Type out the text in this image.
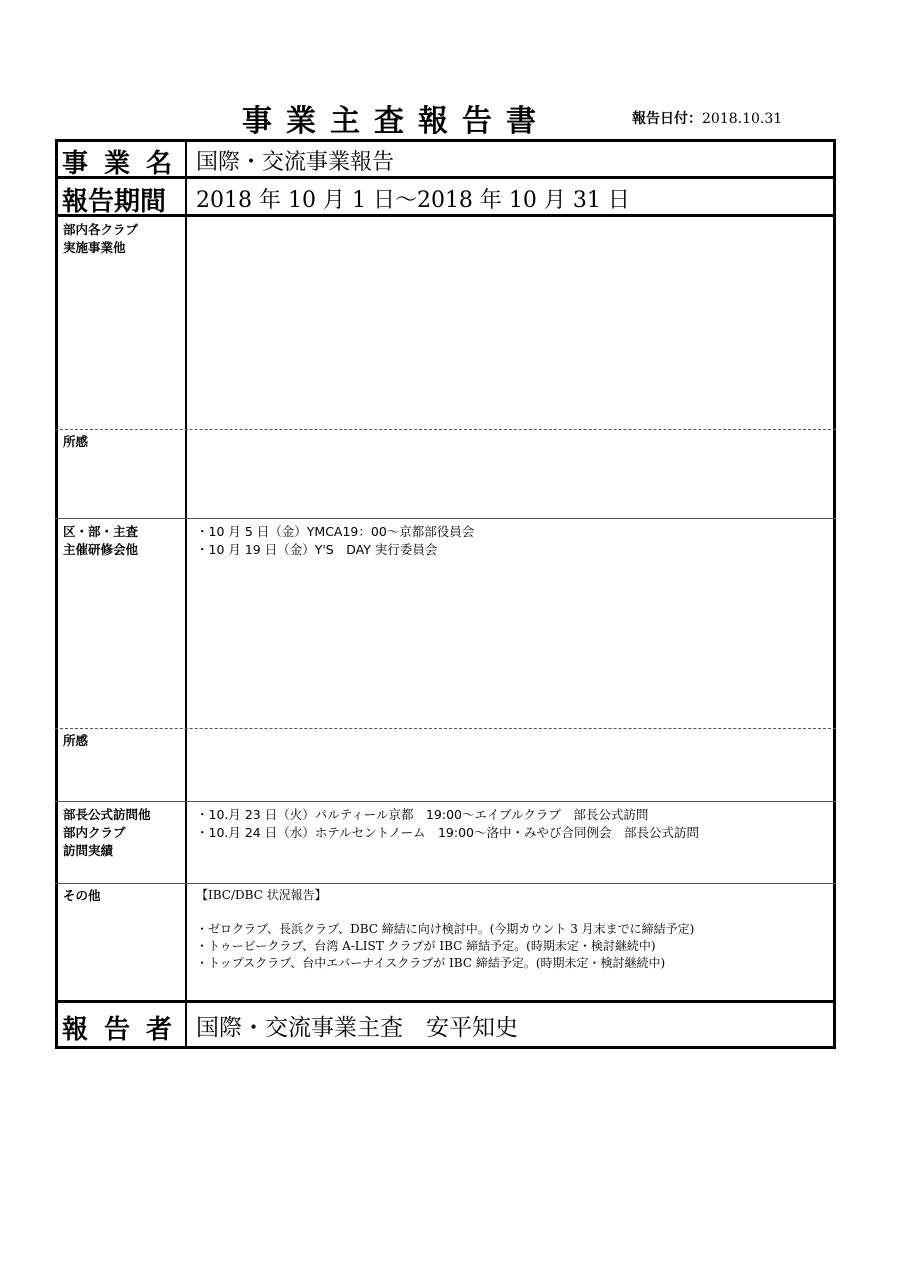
事業主査報告書	報告日付：2018.10.31
事業名 国際・交流事業報告
報告期間 2018 年 10 月 1 日～2018 年 10 月 31 日
部内各クラブ
実施事業他
所感
区・部・主査
主催研修会他
・10 月 5 日（金）YMCA19：00～京都部役員会
・10 月 19 日（金）Y'S　DAY 実行委員会
所感
部長公式訪問他
部内クラブ
訪問実績
・10.月 23 日（火）パルティール京都　19:00～エイブルクラブ　部長公式訪問
・10.月 24 日（水）ホテルセントノーム　19:00～洛中・みやび合同例会　部長公式訪問
その他	【IBC/DBC 状況報告】
・ゼロクラブ、長浜クラブ、DBC 締結に向け検討中。(今期カウント 3 月末までに締結予定)
・トゥービークラブ、台湾 A-LIST クラブが IBC 締結予定。(時期未定・検討継続中)
・トップスクラブ、台中エバーナイスクラブが IBC 締結予定。(時期未定・検討継続中)
報告者 国際・交流事業主査　安平知史
